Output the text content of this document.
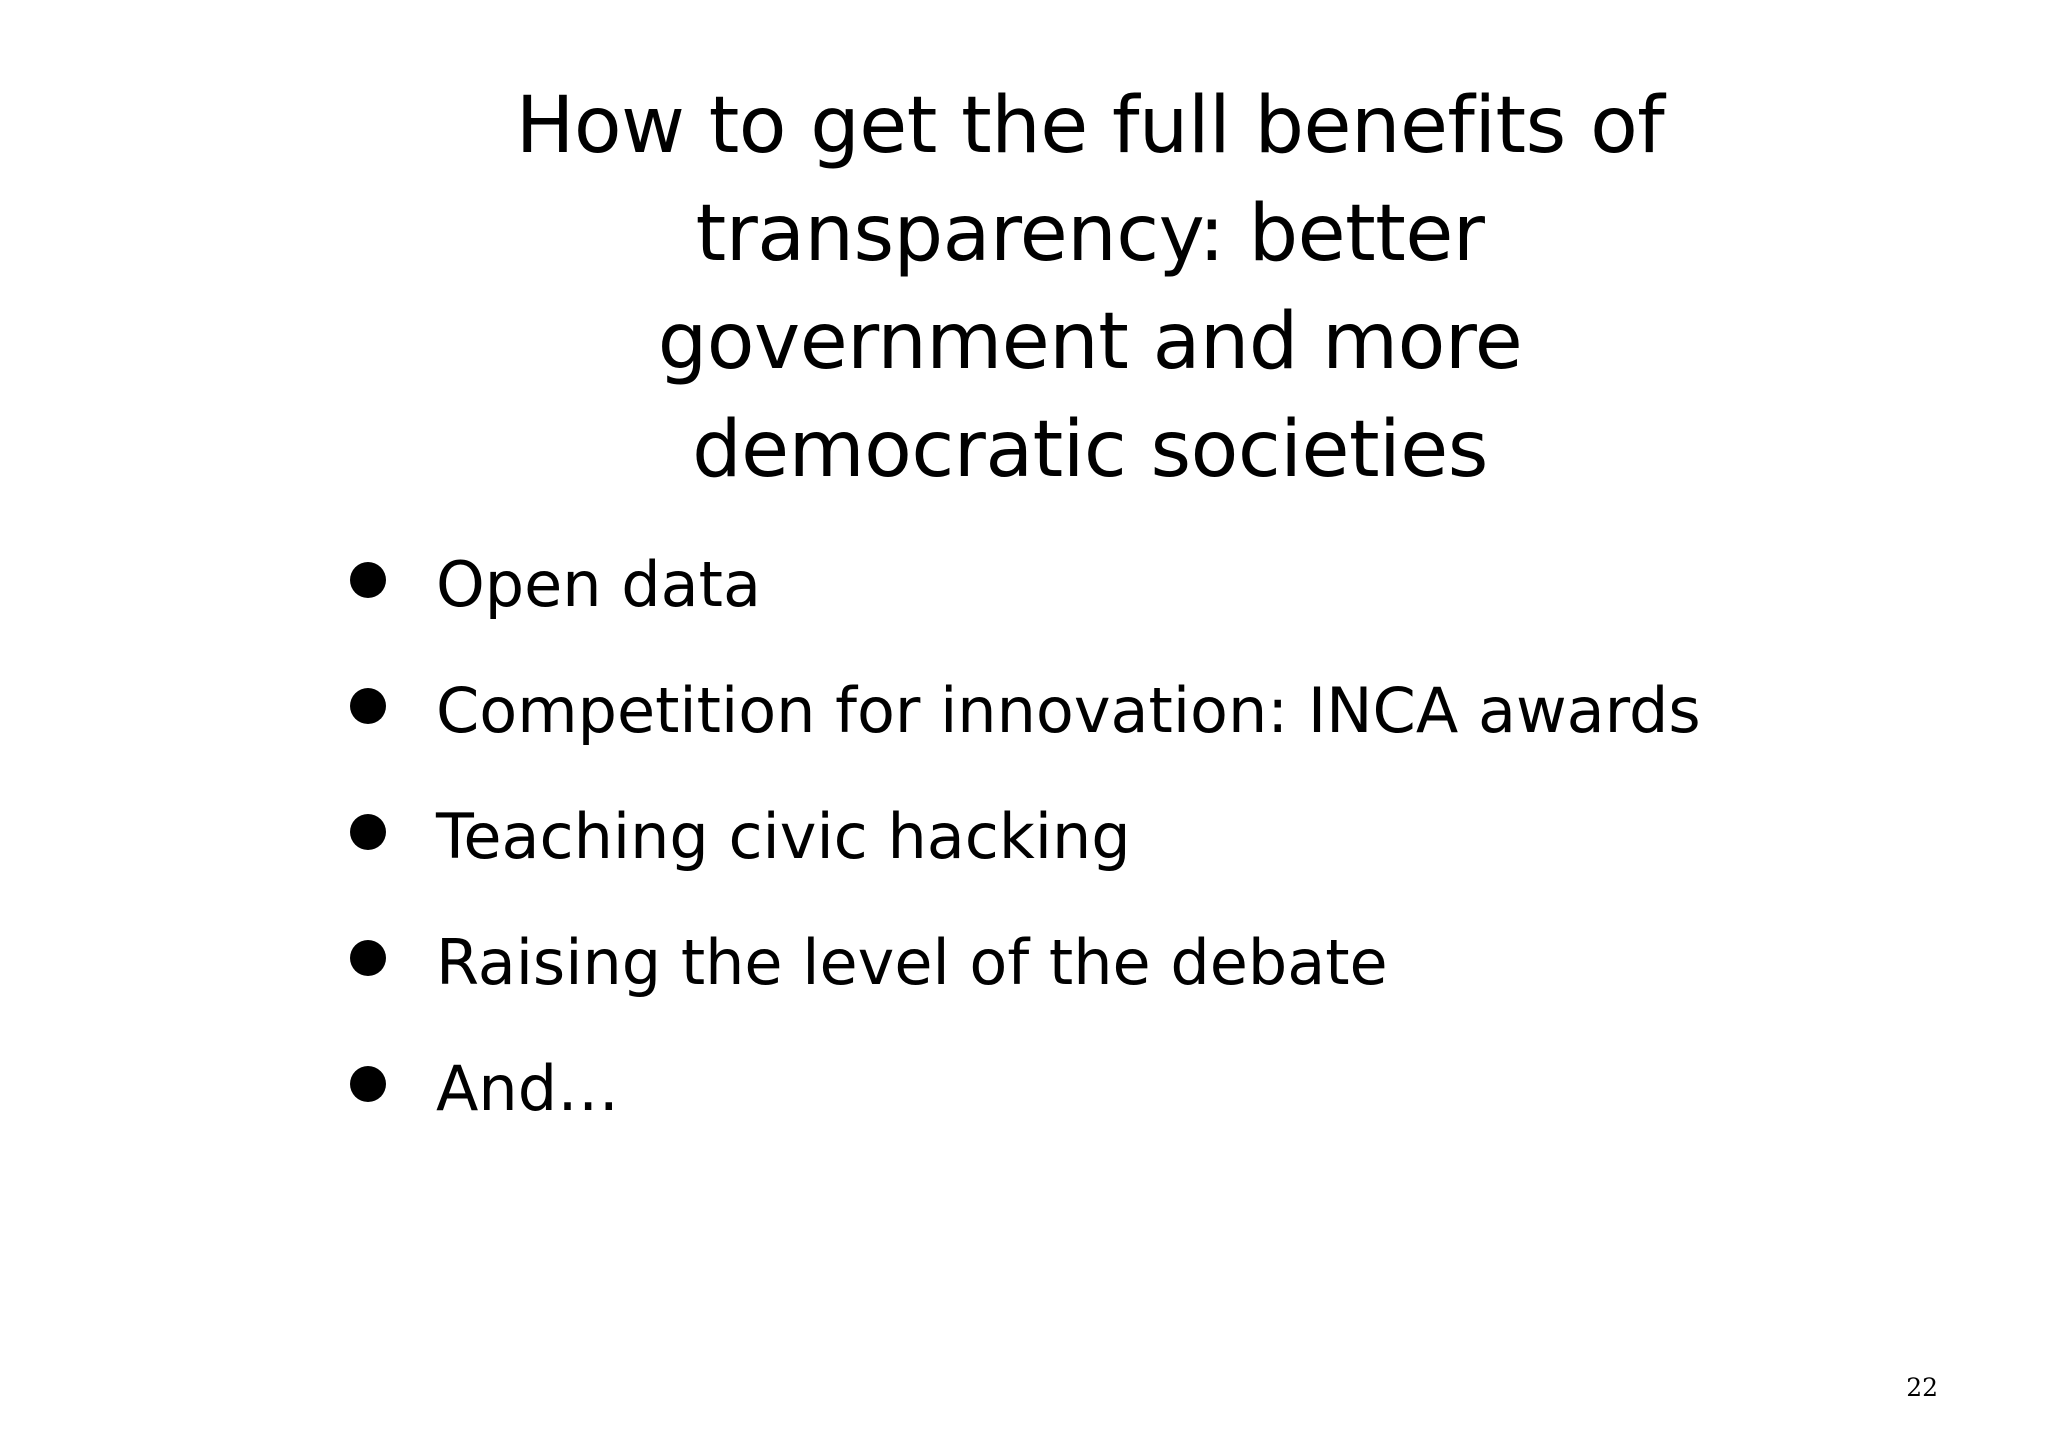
How to get the full benefits of
transparency: better
government and more
democratic societies
Open data
Competition for innovation: INCA awards
Teaching civic hacking
Raising the level of the debate
And…
22
